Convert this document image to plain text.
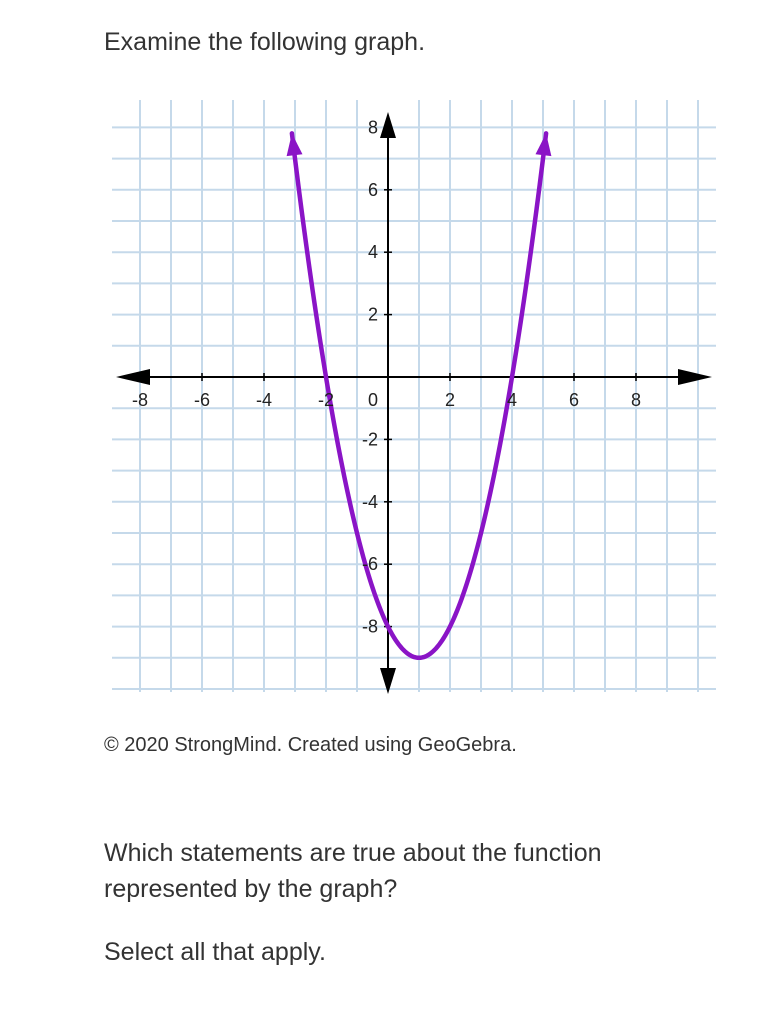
Examine the following graph.
-8	-6	-4	-2	2	4	6	8
-8
-6
-4
-2
2
4
6
8
0

© 2020 StrongMind. Created using GeoGebra.

Which statements are true about the function represented by the graph?

Select all that apply.
